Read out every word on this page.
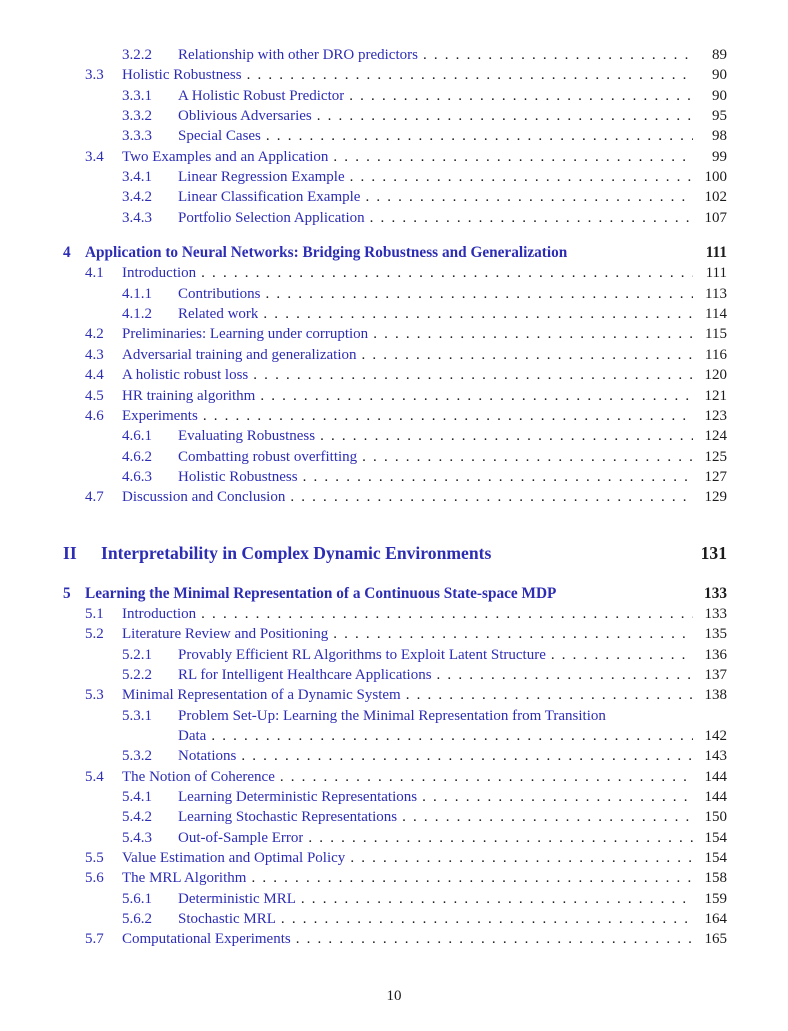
3.2.2	Relationship with other DRO predictors . . .	89
3.3	Holistic Robustness . . .	90
3.3.1	A Holistic Robust Predictor . . .	90
3.3.2	Oblivious Adversaries . . .	95
3.3.3	Special Cases . . .	98
3.4	Two Examples and an Application . . .	99
3.4.1	Linear Regression Example . . .	100
3.4.2	Linear Classification Example . . .	102
3.4.3	Portfolio Selection Application . . .	107
4 Application to Neural Networks: Bridging Robustness and Generalization	111
4.1	Introduction . . .	111
4.1.1	Contributions . . .	113
4.1.2	Related work . . .	114
4.2	Preliminaries: Learning under corruption . . .	115
4.3	Adversarial training and generalization . . .	116
4.4	A holistic robust loss . . .	120
4.5	HR training algorithm . . .	121
4.6	Experiments . . .	123
4.6.1	Evaluating Robustness . . .	124
4.6.2	Combatting robust overfitting . . .	125
4.6.3	Holistic Robustness . . .	127
4.7	Discussion and Conclusion . . .	129
II	Interpretability in Complex Dynamic Environments	131
5 Learning the Minimal Representation of a Continuous State-space MDP	133
5.1	Introduction . . .	133
5.2	Literature Review and Positioning . . .	135
5.2.1	Provably Efficient RL Algorithms to Exploit Latent Structure . . .	136
5.2.2	RL for Intelligent Healthcare Applications . . .	137
5.3	Minimal Representation of a Dynamic System . . .	138
5.3.1	Problem Set-Up: Learning the Minimal Representation from Transition
Data . . .	142
5.3.2	Notations . . .	143
5.4	The Notion of Coherence . . .	144
5.4.1	Learning Deterministic Representations . . .	144
5.4.2	Learning Stochastic Representations . . .	150
5.4.3	Out-of-Sample Error . . .	154
5.5	Value Estimation and Optimal Policy . . .	154
5.6	The MRL Algorithm . . .	158
5.6.1	Deterministic MRL . . .	159
5.6.2	Stochastic MRL . . .	164
5.7	Computational Experiments . . .	165
10
